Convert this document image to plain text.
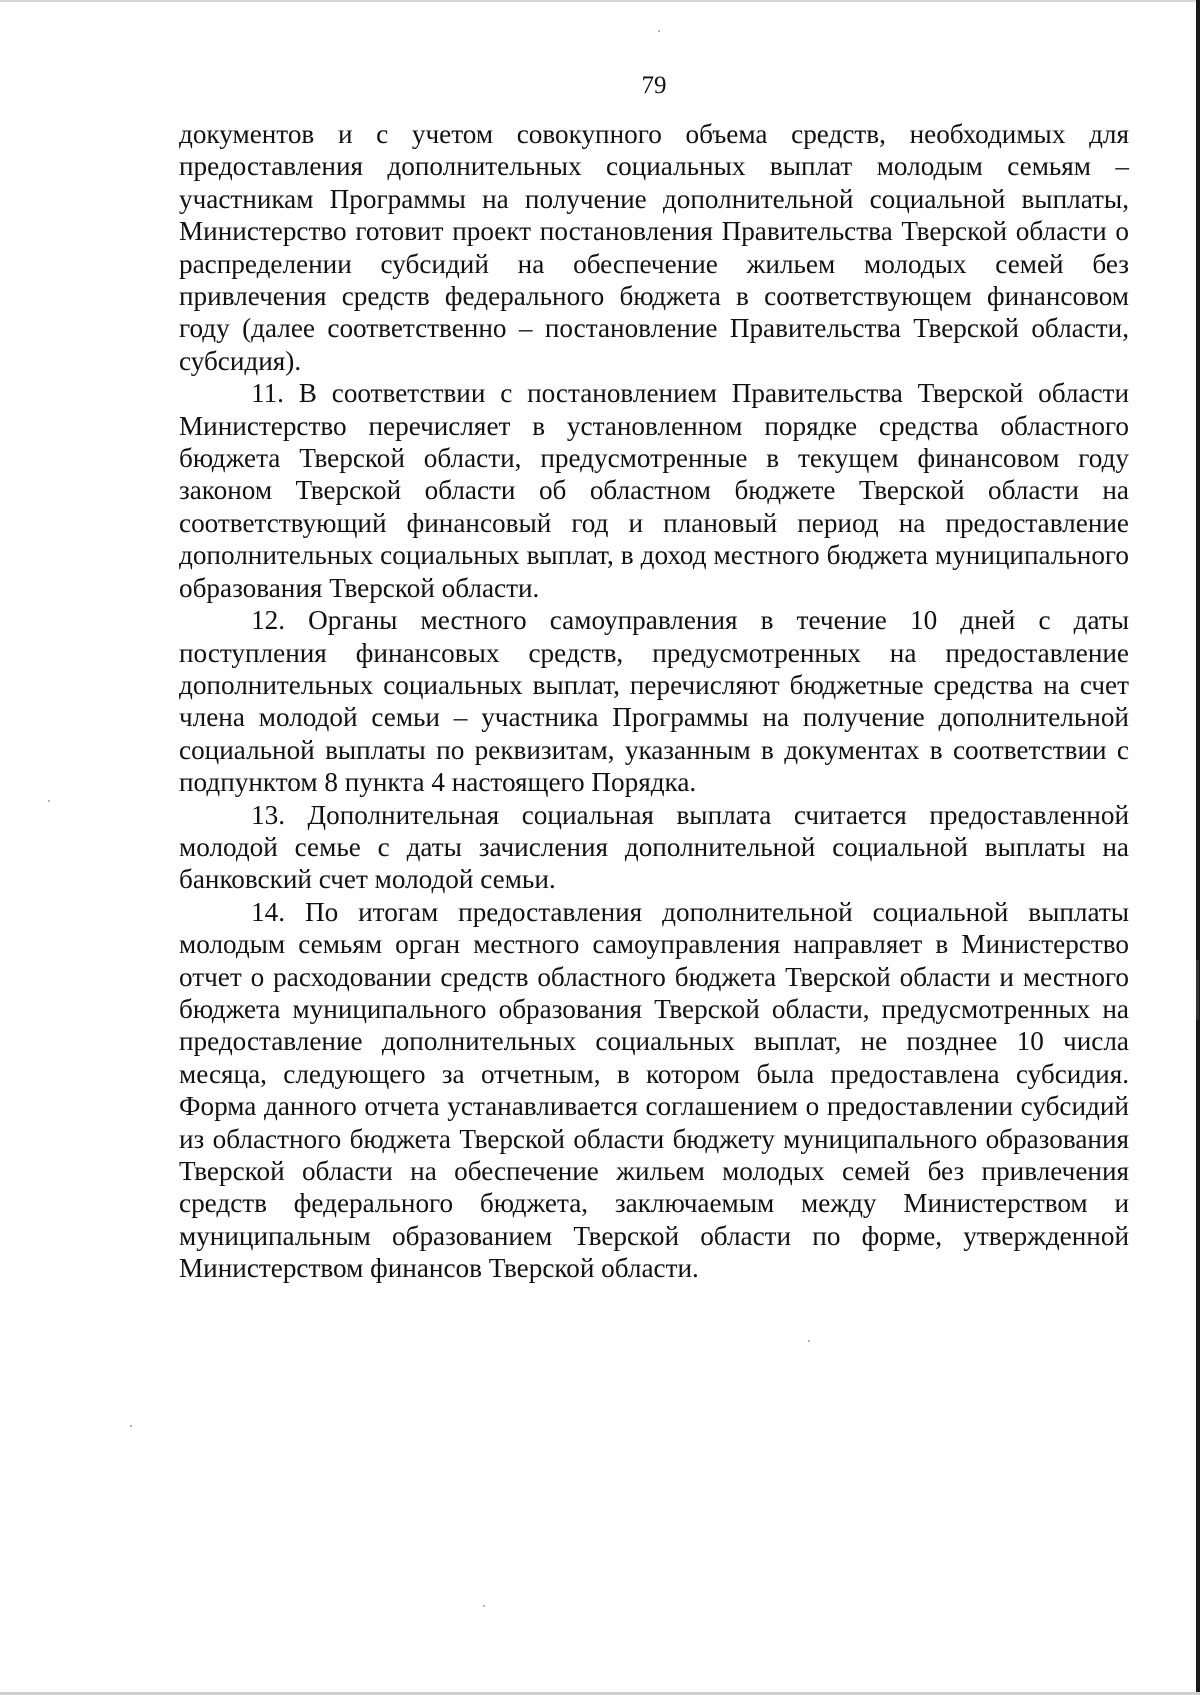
79

документов и с учетом совокупного объема средств, необходимых для предоставления дополнительных социальных выплат молодым семьям – участникам Программы на получение дополнительной социальной выплаты, Министерство готовит проект постановления Правительства Тверской области о распределении субсидий на обеспечение жильем молодых семей без привлечения средств федерального бюджета в соответствующем финансовом году (далее соответственно – постановление Правительства Тверской области, субсидия).

11. В соответствии с постановлением Правительства Тверской области Министерство перечисляет в установленном порядке средства областного бюджета Тверской области, предусмотренные в текущем финансовом году законом Тверской области об областном бюджете Тверской области на соответствующий финансовый год и плановый период на предоставление дополнительных социальных выплат, в доход местного бюджета муниципального образования Тверской области.

12. Органы местного самоуправления в течение 10 дней с даты поступления финансовых средств, предусмотренных на предоставление дополнительных социальных выплат, перечисляют бюджетные средства на счет члена молодой семьи – участника Программы на получение дополнительной социальной выплаты по реквизитам, указанным в документах в соответствии с подпунктом 8 пункта 4 настоящего Порядка.

13. Дополнительная социальная выплата считается предоставленной молодой семье с даты зачисления дополнительной социальной выплаты на банковский счет молодой семьи.

14. По итогам предоставления дополнительной социальной выплаты молодым семьям орган местного самоуправления направляет в Министерство отчет о расходовании средств областного бюджета Тверской области и местного бюджета муниципального образования Тверской области, предусмотренных на предоставление дополнительных социальных выплат, не позднее 10 числа месяца, следующего за отчетным, в котором была предоставлена субсидия. Форма данного отчета устанавливается соглашением о предоставлении субсидий из областного бюджета Тверской области бюджету муниципального образования Тверской области на обеспечение жильем молодых семей без привлечения средств федерального бюджета, заключаемым между Министерством и муниципальным образованием Тверской области по форме, утвержденной Министерством финансов Тверской области.
